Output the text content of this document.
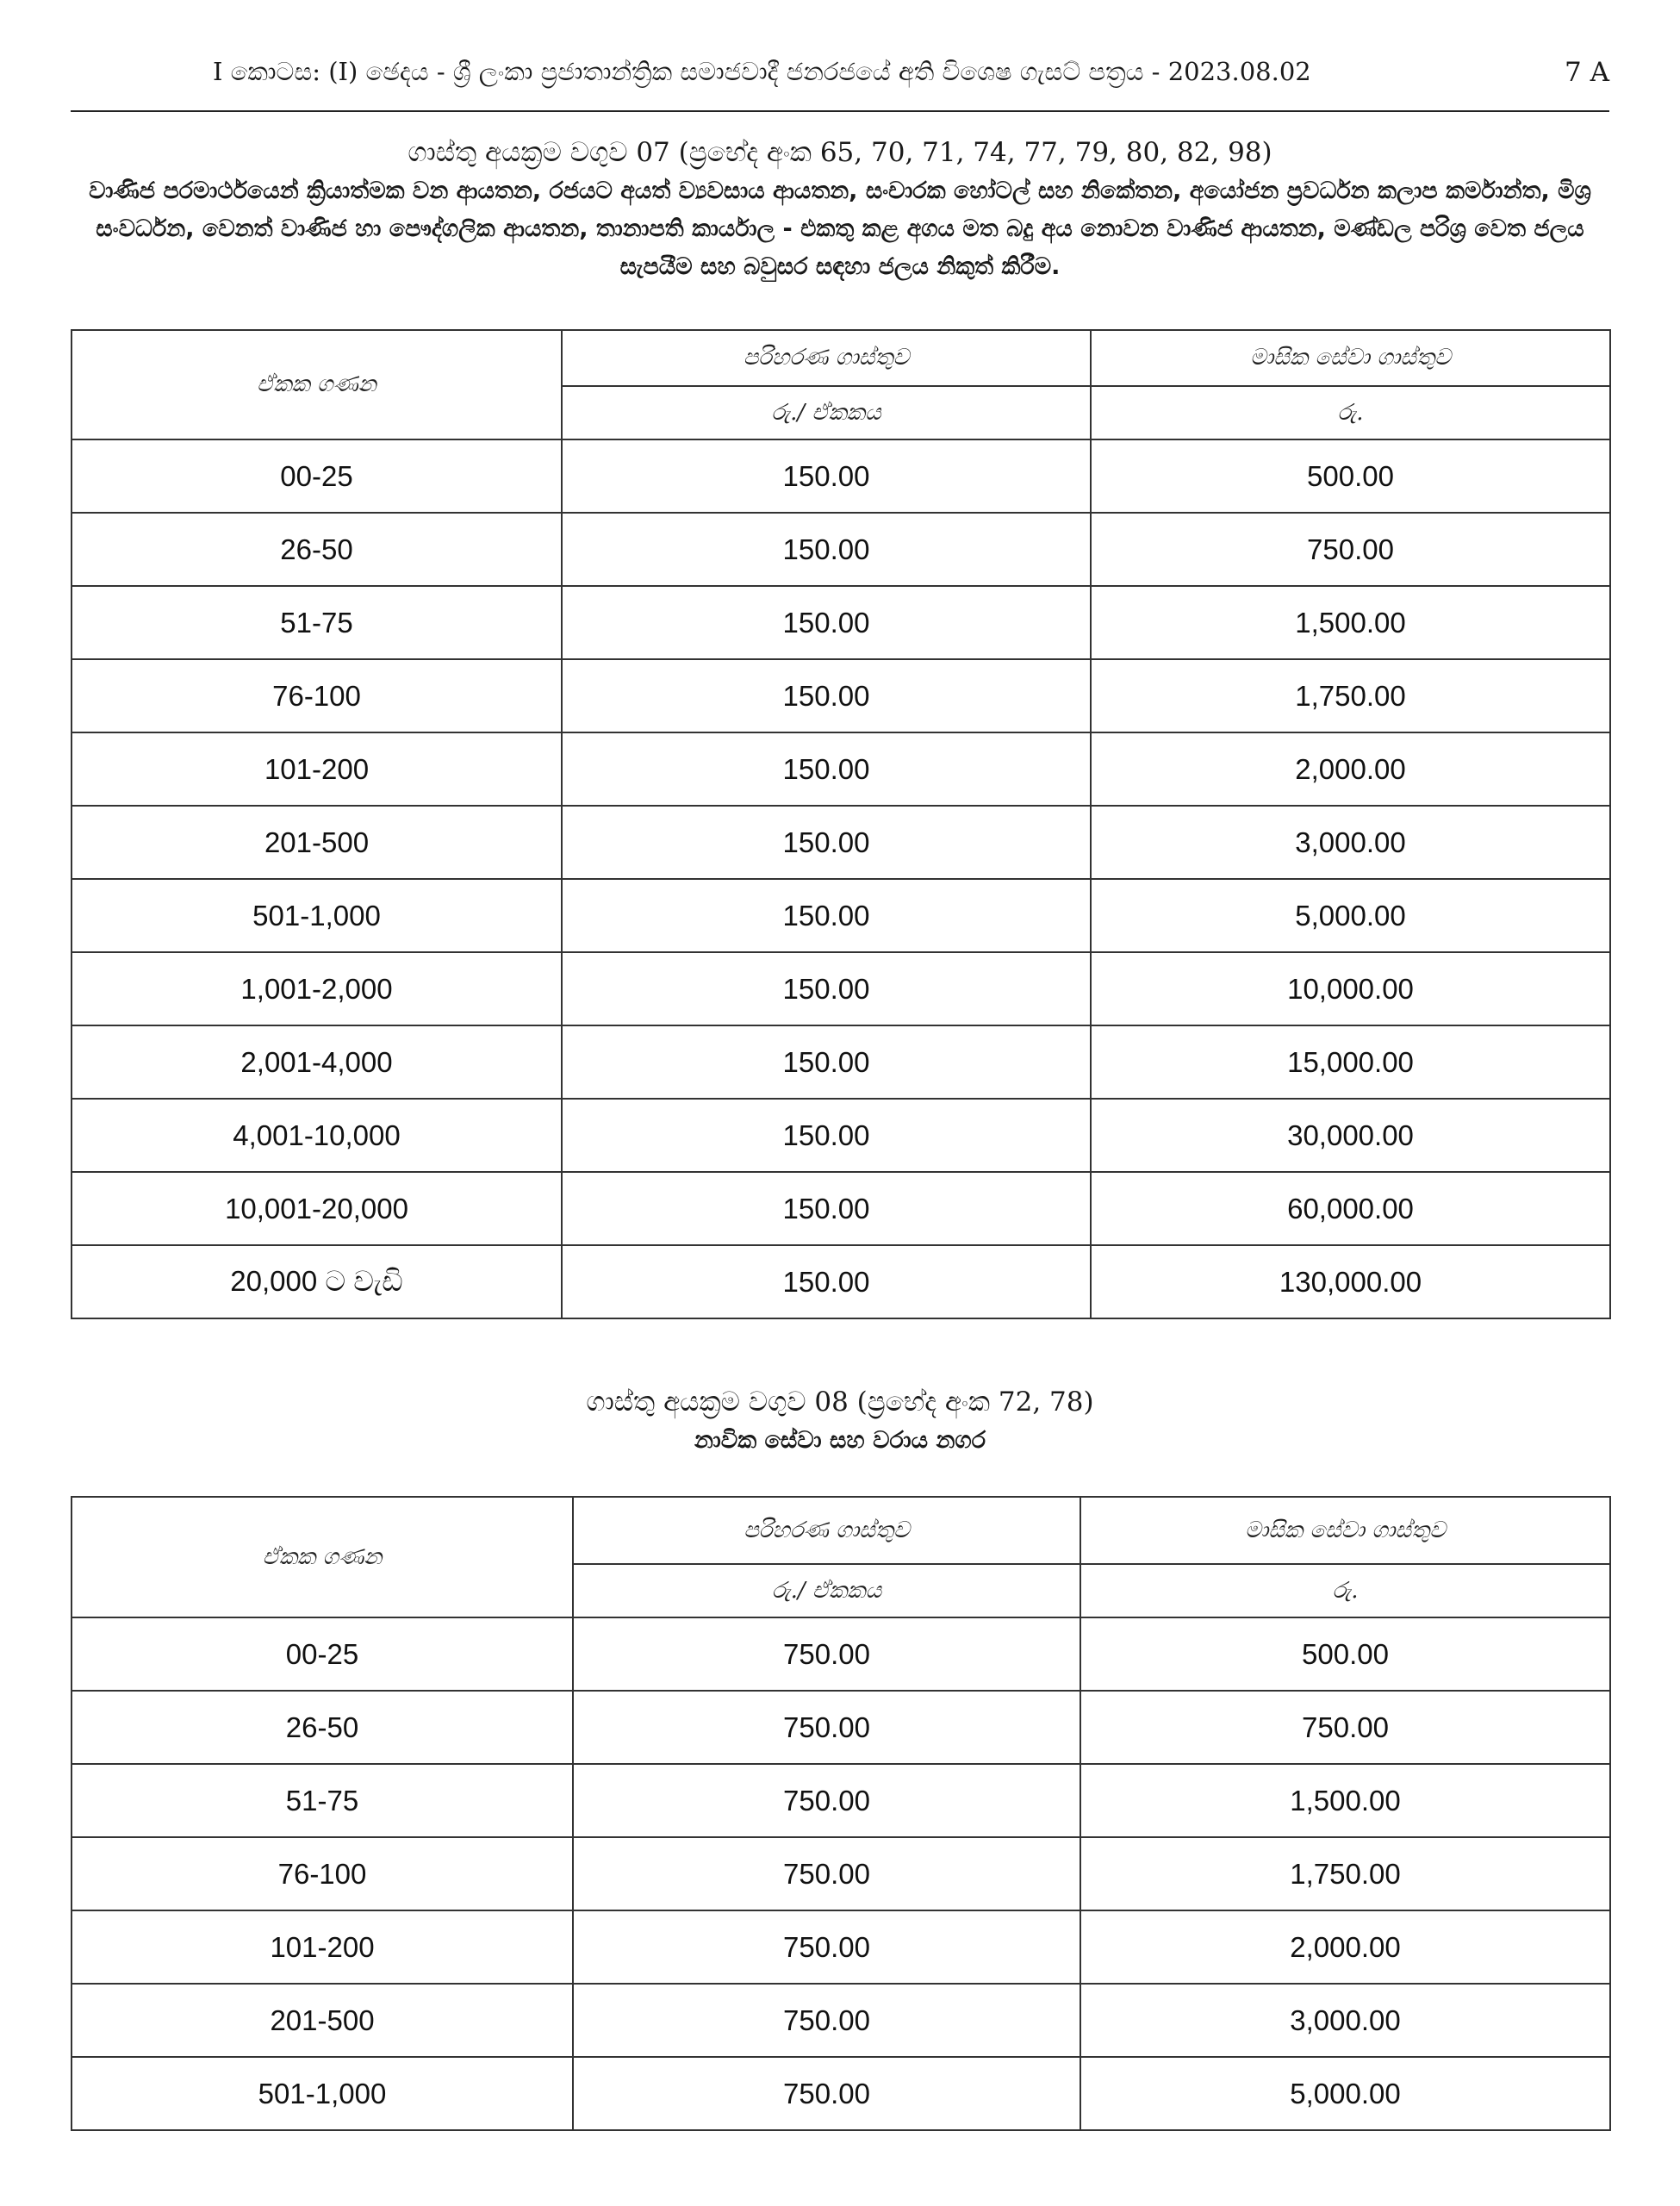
I කොටස: (I) ඡෙදය - ශ්‍රී ලංකා ප්‍රජාතාන්ත්‍රික සමාජවාදී ජනරජයේ අති විශෙෂ ගැසට් පත්‍රය - 2023.08.02	7 A
ගාස්තු අයක්‍රම වගුව 07 (ප්‍රභේද අංක 65, 70, 71, 74, 77, 79, 80, 82, 98)
වාණිජ පරමාර්ථයෙන් ක්‍රියාත්මක වන ආයතන, රජයට අයත් ව්‍යවසාය ආයතන, සංචාරක හෝටල් සහ නිකේතන, අයෝජන ප්‍රවර්ධන කලාප කර්මාන්ත, මිශ්‍ර සංවර්ධන, වෙනත් වාණිජ හා පෞද්ගලික ආයතන, තානාපති කාර්යාල - එකතු කළ අගය මත බදු අය නොවන වාණිජ ආයතන, මණ්ඩල පරිශ්‍ර වෙත ජලය සැපයීම සහ බවුසර සඳහා ජලය නිකුත් කිරීම.
ඒකක ගණන	පරිහරණ ගාස්තුව	මාසික සේවා ගාස්තුව
	රු./ ඒකකය	රු.
00-25	150.00	500.00
26-50	150.00	750.00
51-75	150.00	1,500.00
76-100	150.00	1,750.00
101-200	150.00	2,000.00
201-500	150.00	3,000.00
501-1,000	150.00	5,000.00
1,001-2,000	150.00	10,000.00
2,001-4,000	150.00	15,000.00
4,001-10,000	150.00	30,000.00
10,001-20,000	150.00	60,000.00
20,000 ට වැඩි	150.00	130,000.00
ගාස්තු අයක්‍රම වගුව 08 (ප්‍රභේද අංක 72, 78)
නාවික සේවා සහ වරාය නගර
ඒකක ගණන	පරිහරණ ගාස්තුව	මාසික සේවා ගාස්තුව
	රු./ ඒකකය	රු.
00-25	750.00	500.00
26-50	750.00	750.00
51-75	750.00	1,500.00
76-100	750.00	1,750.00
101-200	750.00	2,000.00
201-500	750.00	3,000.00
501-1,000	750.00	5,000.00
